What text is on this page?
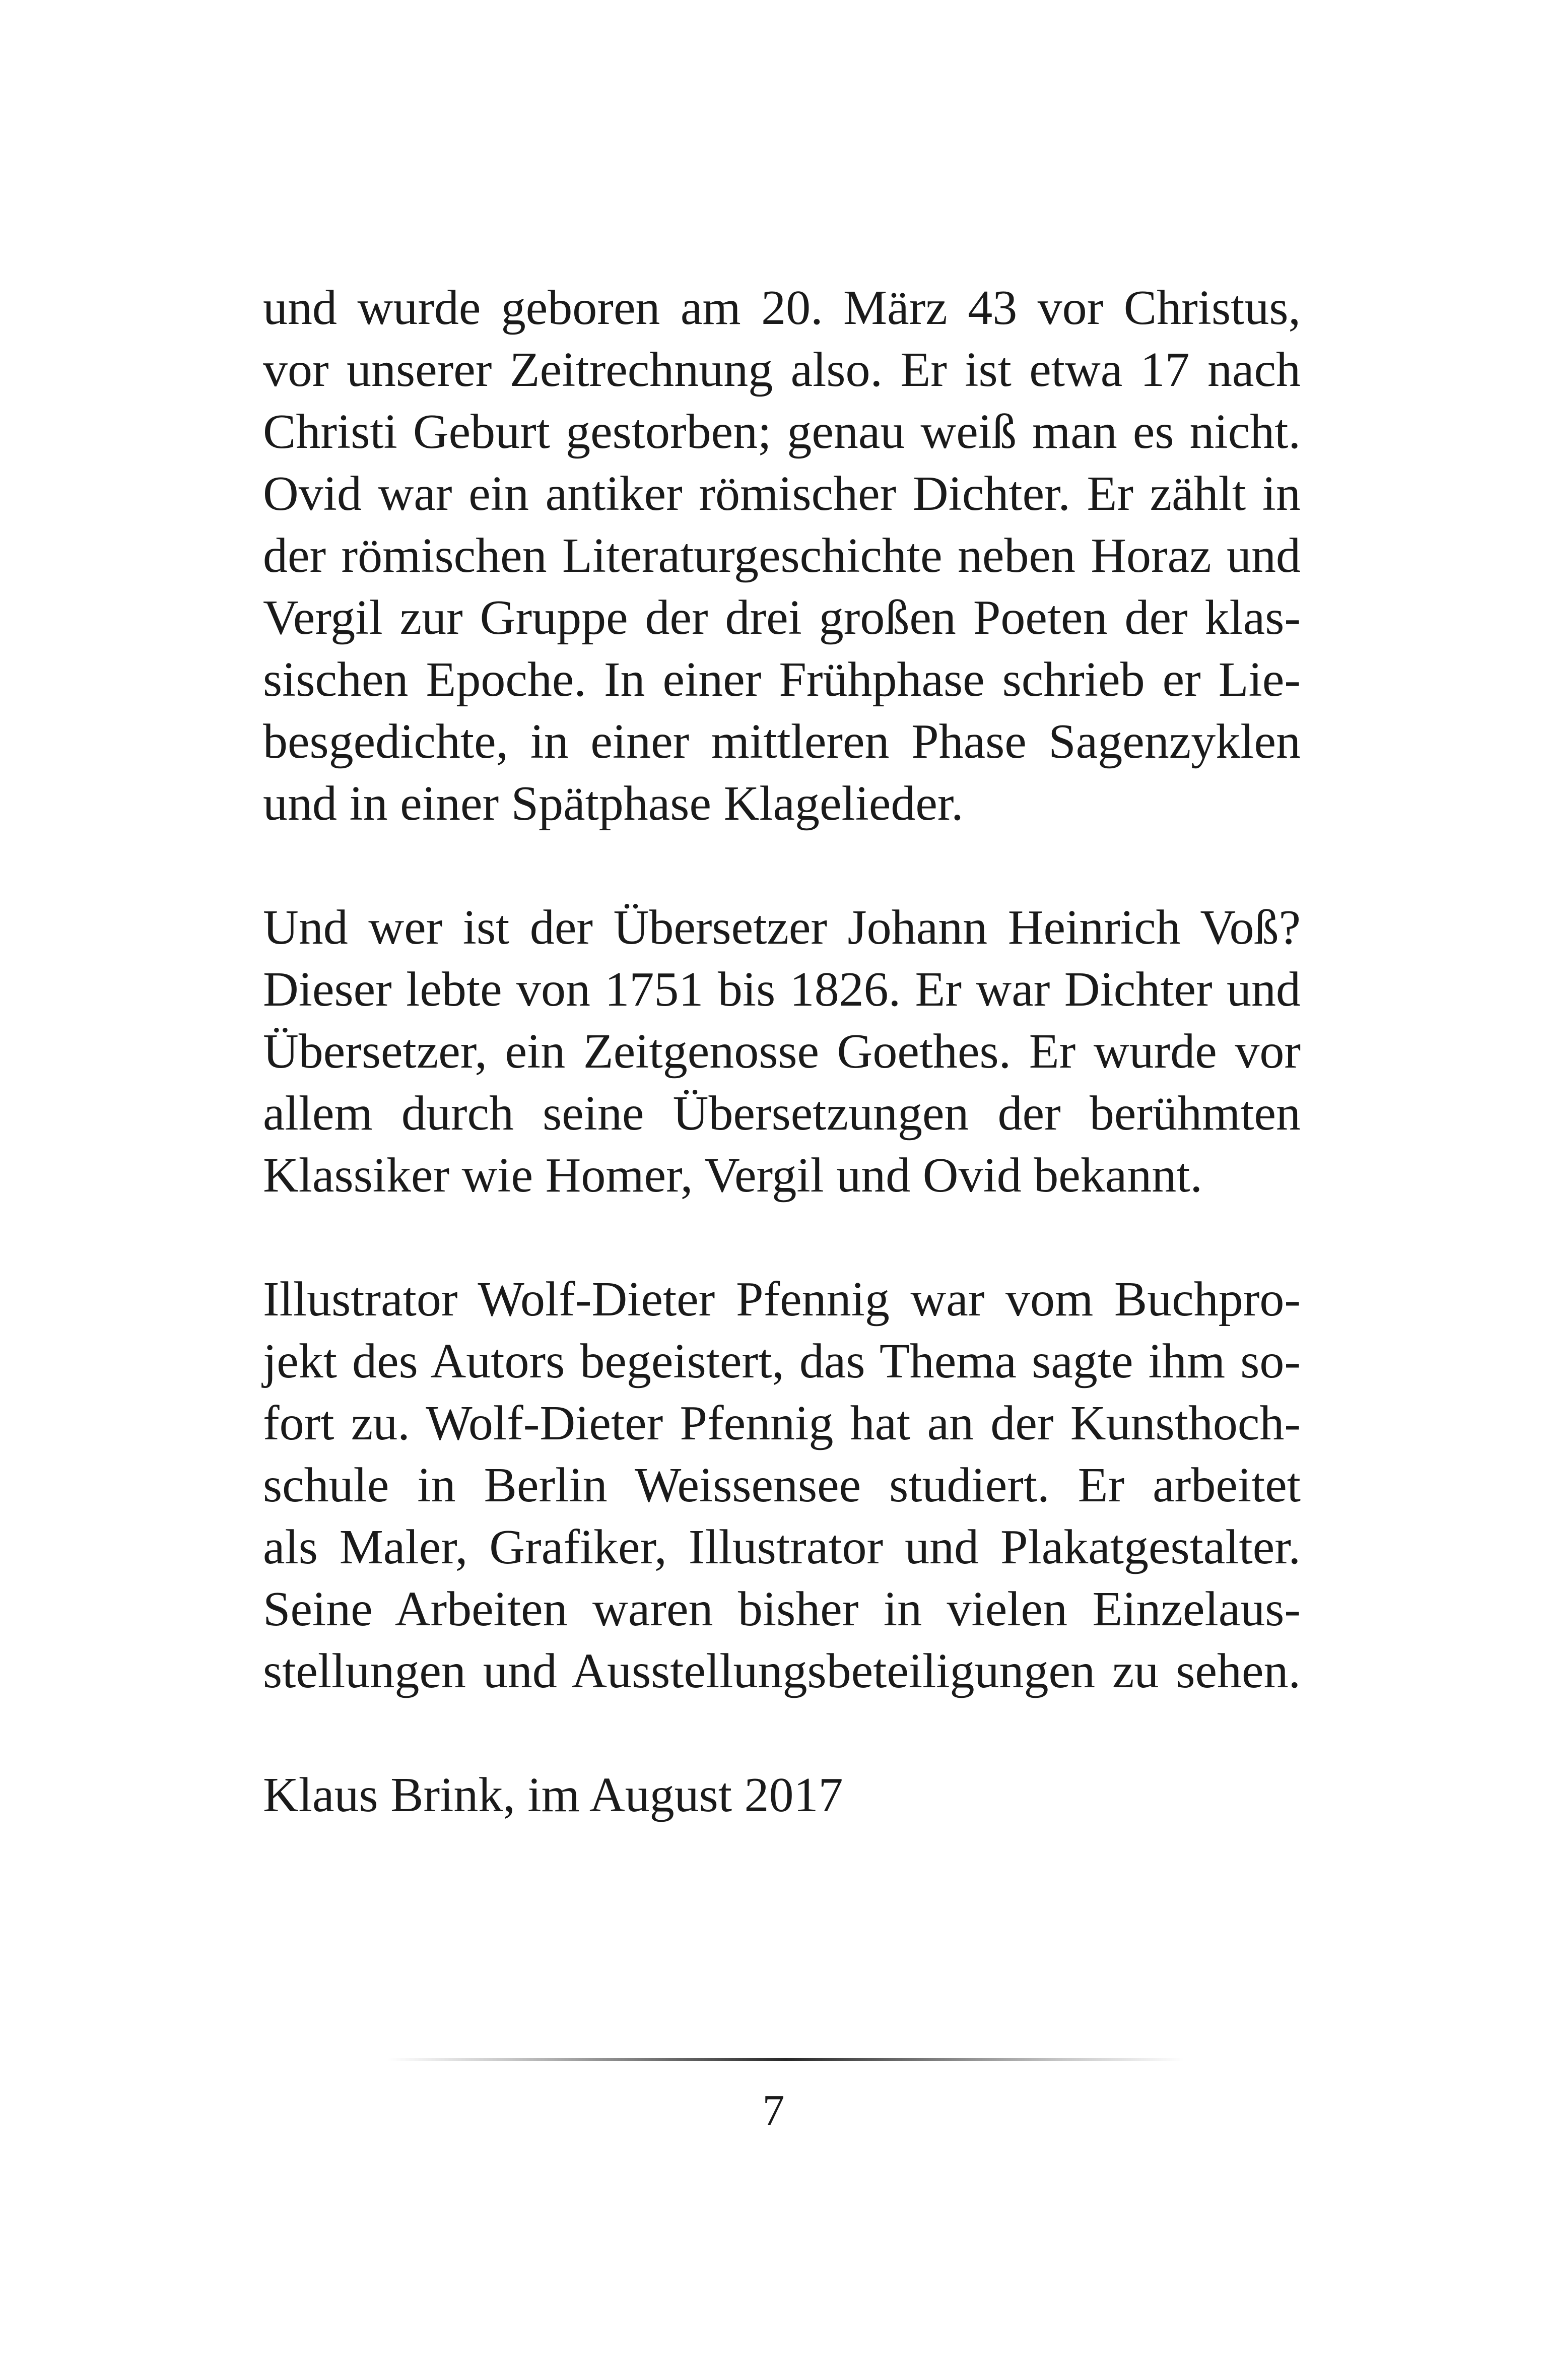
und wurde geboren am 20. März 43 vor Christus,
vor unserer Zeitrechnung also. Er ist etwa 17 nach
Christi Geburt gestorben; genau weiß man es nicht.
Ovid war ein antiker römischer Dichter. Er zählt in
der römischen Literaturgeschichte neben Horaz und
Vergil zur Gruppe der drei großen Poeten der klas-
sischen Epoche. In einer Frühphase schrieb er Lie-
besgedichte, in einer mittleren Phase Sagenzyklen
und in einer Spätphase Klagelieder.
Und wer ist der Übersetzer Johann Heinrich Voß?
Dieser lebte von 1751 bis 1826. Er war Dichter und
Übersetzer, ein Zeitgenosse Goethes. Er wurde vor
allem durch seine Übersetzungen der berühmten
Klassiker wie Homer, Vergil und Ovid bekannt.
Illustrator Wolf-Dieter Pfennig war vom Buchpro-
jekt des Autors begeistert, das Thema sagte ihm so-
fort zu. Wolf-Dieter Pfennig hat an der Kunsthoch-
schule in Berlin Weissensee studiert. Er arbeitet
als Maler, Grafiker, Illustrator und Plakatgestalter.
Seine Arbeiten waren bisher in vielen Einzelaus-
stellungen und Ausstellungsbeteiligungen zu sehen.
Klaus Brink, im August 2017
7
